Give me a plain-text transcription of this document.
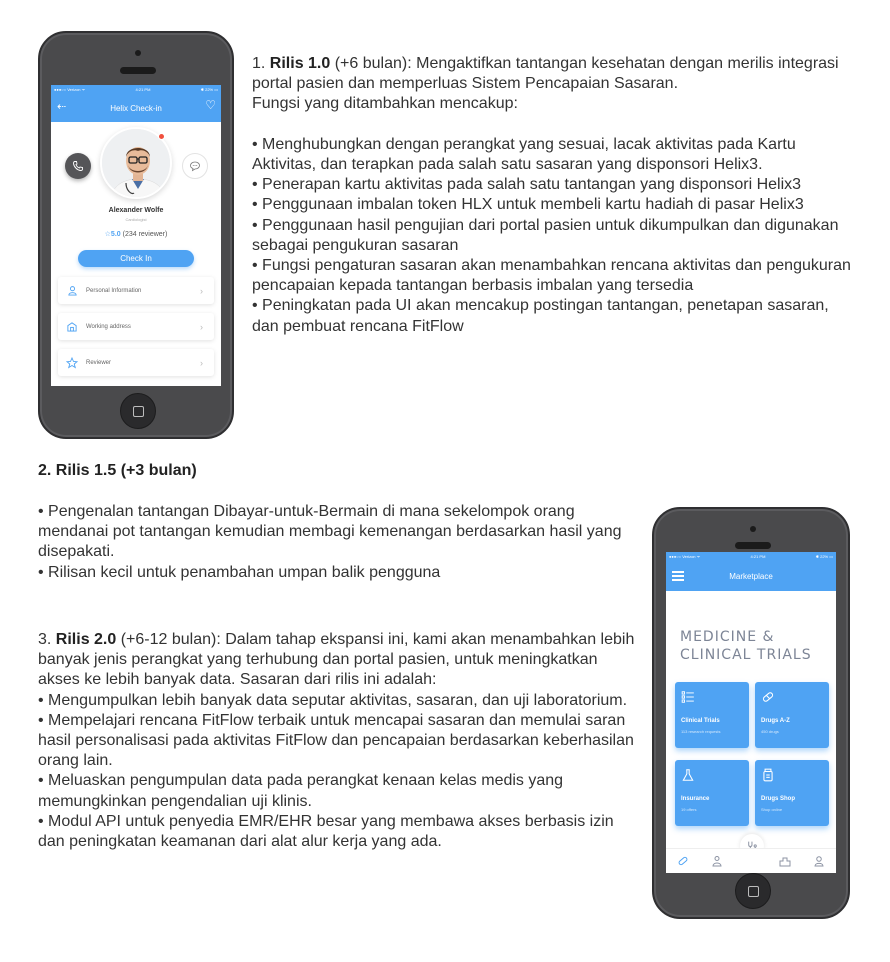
●●●○○ Verizon ᯤ	4:21 PM	✱ 22% ▭
⇠	Helix Check-in	♡
Alexander Wolfe
Cardiologist
☆5.0 (234 reviewer)
Check In
Personal Information	›
Working address	›
Reviewer	›

1. Rilis 1.0 (+6 bulan): Mengaktifkan tantangan kesehatan dengan merilis integrasi portal pasien dan memperluas Sistem Pencapaian Sasaran.

Fungsi yang ditambahkan mencakup:

• Menghubungkan dengan perangkat yang sesuai, lacak aktivitas pada Kartu Aktivitas, dan terapkan pada salah satu sasaran yang disponsori Helix3.

• Penerapan kartu aktivitas pada salah satu tantangan yang disponsori Helix3

• Penggunaan imbalan token HLX untuk membeli kartu hadiah di pasar Helix3

• Penggunaan hasil pengujian dari portal pasien untuk dikumpulkan dan digunakan sebagai pengukuran sasaran

• Fungsi pengaturan sasaran akan menambahkan rencana aktivitas dan pengukuran pencapaian kepada tantangan berbasis imbalan yang tersedia

• Peningkatan pada UI akan mencakup postingan tantangan, penetapan sasaran, dan pembuat rencana FitFlow

2. Rilis 1.5 (+3 bulan)

• Pengenalan tantangan Dibayar-untuk-Bermain di mana sekelompok orang mendanai pot tantangan kemudian membagi kemenangan berdasarkan hasil yang disepakati.

• Rilisan kecil untuk penambahan umpan balik pengguna

3. Rilis 2.0 (+6-12 bulan): Dalam tahap ekspansi ini, kami akan menambahkan lebih banyak jenis perangkat yang terhubung dan portal pasien, untuk meningkatkan akses ke lebih banyak data. Sasaran dari rilis ini adalah:

• Mengumpulkan lebih banyak data seputar aktivitas, sasaran, dan uji laboratorium.

• Mempelajari rencana FitFlow terbaik untuk mencapai sasaran dan memulai saran hasil personalisasi pada aktivitas FitFlow dan pencapaian berdasarkan keberhasilan orang lain.

• Meluaskan pengumpulan data pada perangkat kenaan kelas medis yang memungkinkan pengendalian uji klinis.

• Modul API untuk penyedia EMR/EHR besar yang membawa akses berbasis izin dan peningkatan keamanan dari alat alur kerja yang ada.

●●●○○ Verizon ᯤ	4:21 PM	✱ 22% ▭
Marketplace
MEDICINE &
CLINICAL TRIALS
Clinical Trials
113 research requests
Drugs A-Z
450 drugs
Insurance
19 offers
Drugs Shop
Shop online
